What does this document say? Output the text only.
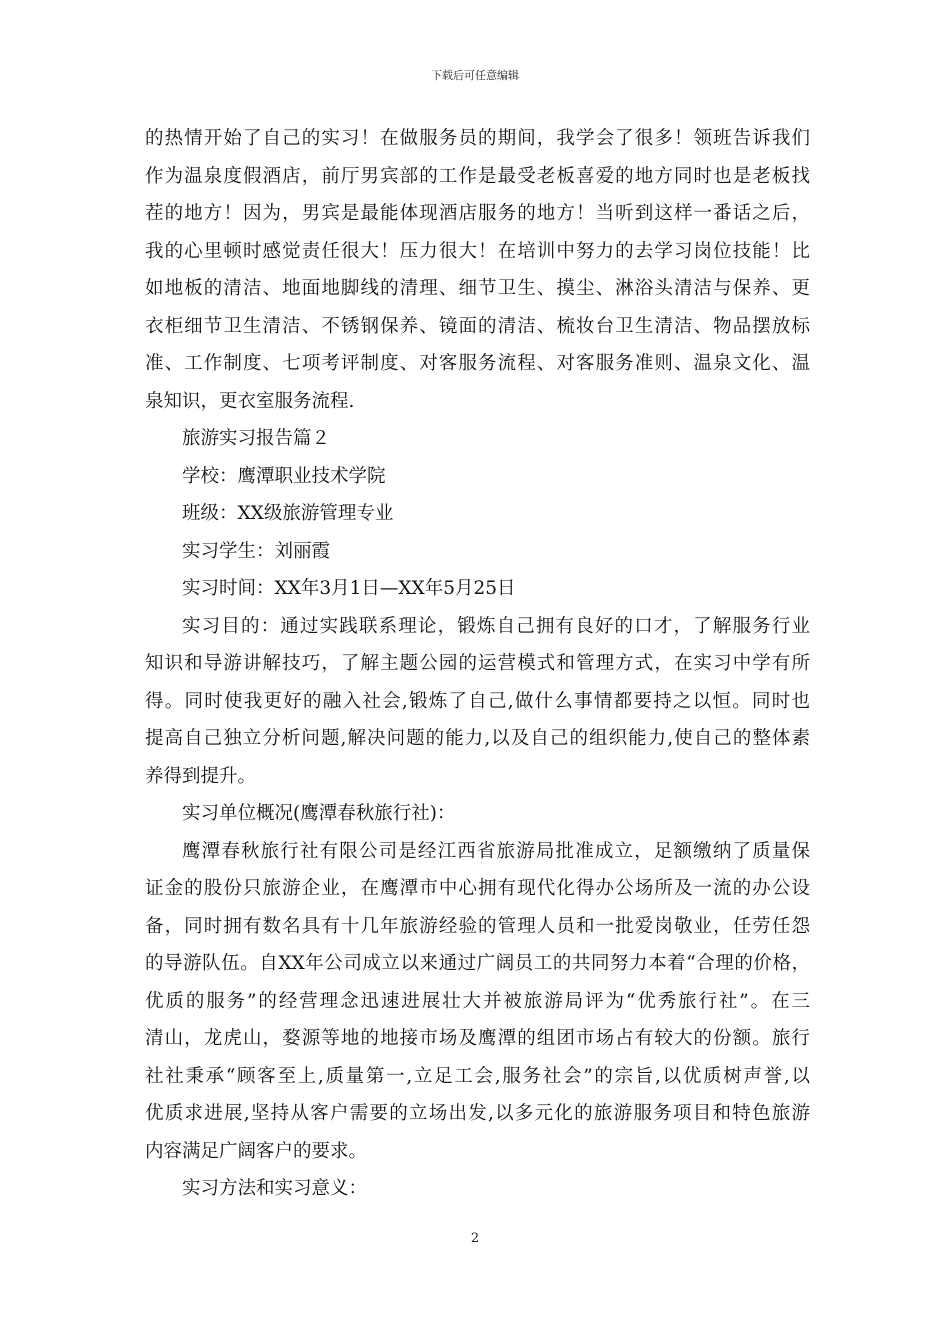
下载后可任意编辑
的热情开始了自己的实习！在做服务员的期间，我学会了很多！领班告诉我们
作为温泉度假酒店，前厅男宾部的工作是最受老板喜爱的地方同时也是老板找
茬的地方！因为，男宾是最能体现酒店服务的地方！当听到这样一番话之后，
我的心里顿时感觉责任很大！压力很大！在培训中努力的去学习岗位技能！比
如地板的清洁、地面地脚线的清理、细节卫生、摸尘、淋浴头清洁与保养、更
衣柜细节卫生清洁、不锈钢保养、镜面的清洁、梳妆台卫生清洁、物品摆放标
准、工作制度、七项考评制度、对客服务流程、对客服务准则、温泉文化、温
泉知识，更衣室服务流程.
旅游实习报告篇２
学校：鹰潭职业技术学院
班级：XX级旅游管理专业
实习学生：刘丽霞
实习时间：XX年3月1日—XX年5月25日
实习目的：通过实践联系理论，锻炼自己拥有良好的口才，了解服务行业
知识和导游讲解技巧，了解主题公园的运营模式和管理方式，在实习中学有所
得。同时使我更好的融入社会,锻炼了自己,做什么事情都要持之以恒。同时也
提高自己独立分析问题,解决问题的能力,以及自己的组织能力,使自己的整体素
养得到提升。
实习单位概况(鹰潭春秋旅行社)：
鹰潭春秋旅行社有限公司是经江西省旅游局批准成立，足额缴纳了质量保
证金的股份只旅游企业，在鹰潭市中心拥有现代化得办公场所及一流的办公设
备，同时拥有数名具有十几年旅游经验的管理人员和一批爱岗敬业，任劳任怨
的导游队伍。自XX年公司成立以来通过广阔员工的共同努力本着“合理的价格，
优质的服务”的经营理念迅速进展壮大并被旅游局评为“优秀旅行社”。在三
清山，龙虎山，婺源等地的地接市场及鹰潭的组团市场占有较大的份额。旅行
社社秉承“顾客至上,质量第一,立足工会,服务社会”的宗旨,以优质树声誉,以
优质求进展,坚持从客户需要的立场出发,以多元化的旅游服务项目和特色旅游
内容满足广阔客户的要求。
实习方法和实习意义：
2
